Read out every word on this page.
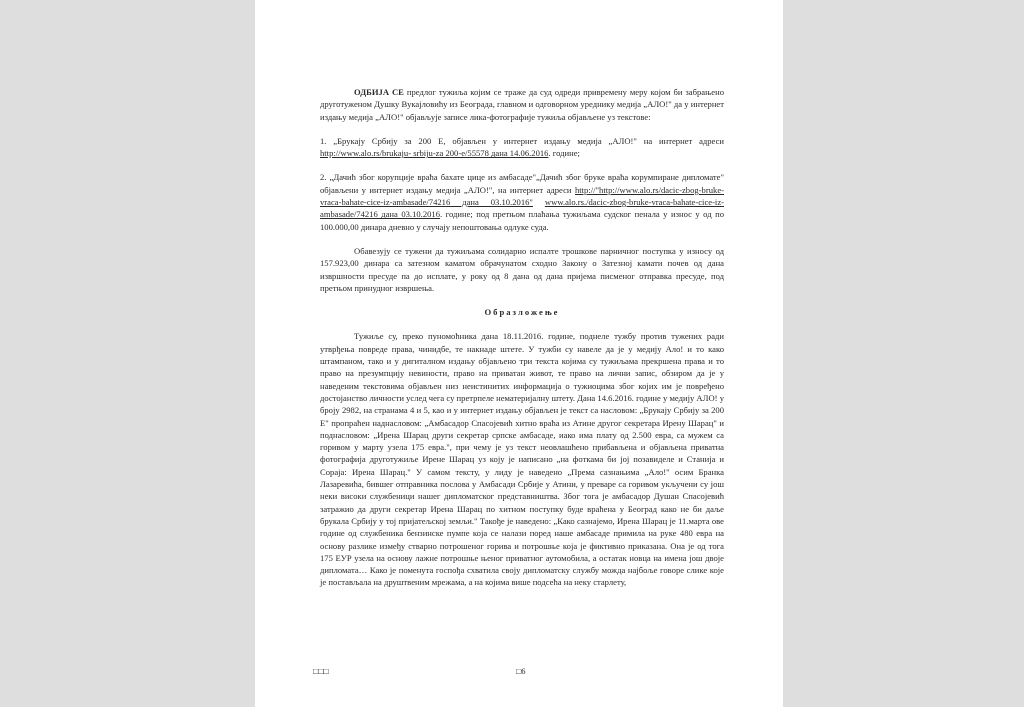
ОДБИЈА СЕ предлог тужиља којим се траже да суд одреди привремену меру којом би забрањено друготуженом Душку Вукајловићу из Београда, главном и одговорном уреднику медија „АЛО!" да у интернет издању медија „АЛО!" објављује записе лика-фотографије тужиља објављене уз текстове:

1. „Брукају Србију за 200 Е, објављен у интернет издању медија „АЛО!" на интернет адреси http://www.alo.rs/brukaju- srbiju-za 200-e/55578 дана 14.06.2016. године;

2. „Дачић због корупције враћа бахате цице из амбасаде"„Дачић због бруке враћа корумпиране дипломате" објављени у интернет издању медија „АЛО!", на интернет адреси http://"http://www.alo.rs/dacic-zbog-bruke-vraca-bahate-cice-iz-ambasade/74216 дана 03.10.2016" www.alo.rs./dacic-zbog-bruke-vraca-bahate-cice-iz-ambasade/74216 дана 03.10.2016. године; под претњом плаћања тужиљама судског пенала у износ у од по 100.000,00 динара дневно у случају непоштовања одлуке суда.

Обавезују се тужени да тужиљама солидарно испалте трошкове парничног поступка у износу од 157.923,00 динара са затезном каматом обрачунатом сходно Закону о Затезној камати почев од дана извршности пресуде па до исплате, у року од 8 дана од дана пријема писменог отправка пресуде, под претњом принудног извршења.

Образложење

Тужиље су, преко пуномоћника дана 18.11.2016. године, поднеле тужбу против тужених ради утврђења повреде права, чинидбе, те накнаде штете. У тужби су навеле да је у медију Ало! и то како штампаном, тако и у дигиталном издању објављено три текста којима су тужиљама прекршена права и то право на презумпцију невиности, право на приватан живот, те право на лични запис, обзиром да је у наведеним текстовима објављен низ неистинитих информација о тужиоцима због којих им је повређено достојанство личности услед чега су претрпеле нематеријалну штету. Дана 14.6.2016. године у медију АЛО! у броју 2982, на странама 4 и 5, као и у интернет издању објављен је текст са насловом: „Брукају Србију за 200 Е" пропраћен наднасловом: „Амбасадор Спасојевић хитно враћа из Атине другог секретара Ирену Шарац" и поднасловом: „Ирена Шарац други секретар српске амбасаде, иако има плату од 2.500 евра, са мужем са горивом у марту узела 175 евра.", при чему је уз текст неовлашћено прибављена и објављена приватна фотографија друготужиље Ирене Шарац уз коју је написано „на фоткама би јој позавиделе и Станија и Сораја: Ирена Шарац." У самом тексту, у лиду је наведено „Према сазнањима „Ало!" осим Бранка Лазаревића, бившег отправника послова у Амбасади Србије у Атини, у преваре са горивом укључени су још неки високи службеници нашег дипломатског представништва. Због тога је амбасадор Душан Спасојевић затражио да други секретар Ирена Шарац по хитном поступку буде враћена у Београд како не би даље брукала Србију у тој пријатељској земљи." Такође је наведено: „Како сазнајемо, Ирена Шарац је 11.марта ове године од службеника бензинске пумпе која се налази поред наше амбасаде примила на руке 480 евра на основу разлике између стварно потрошеног горива и потрошње која је фиктивно приказана. Она је од тога 175 ЕУР узела на основу лажне потрошње њеног приватног аутомобила, а остатак новца на имена још двоје дипломата… Како је поменута госпођа схватила своју дипломатску службу можда најбоље говоре слике које је постављала на друштвеним мрежама, а на којима више подсећа на неку старлету,

□□□	□6
